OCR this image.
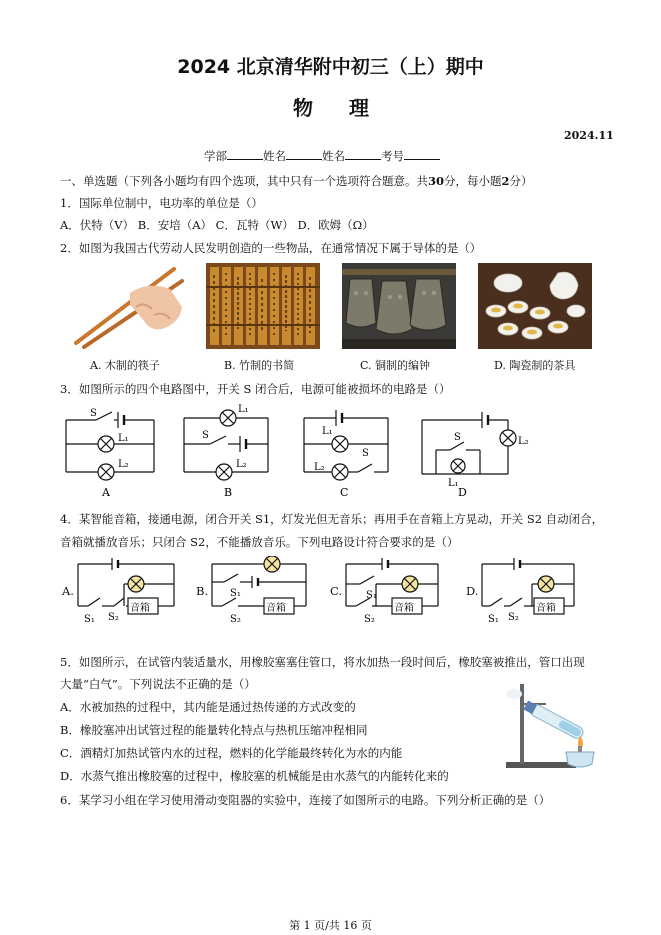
2024 北京清华附中初三（上）期中
物 理
2024.11
学部	姓名	姓名	考号
一、单选题（下列各小题均有四个选项，其中只有一个选项符合题意。共30分，每小题2分）
1．国际单位制中，电功率的单位是（）
A．伏特（V） B．安培（A） C．瓦特（W） D．欧姆（Ω）
2．如图为我国古代劳动人民发明创造的一些物品，在通常情况下属于导体的是（）
A. 木制的筷子	B. 竹制的书简	C. 铜制的编钟	D. 陶瓷制的茶具
3．如图所示的四个电路图中，开关 S 闭合后，电源可能被损坏的电路是（）
S
L₁
L₂
A
S
L₁
L₂
B
L₁
S
L₂
C
S	L₂
L₁
D
4．某智能音箱，接通电源，闭合开关 S1，灯发光但无音乐；再用手在音箱上方晃动，开关 S2 自动闭合，
音箱就播放音乐；只闭合 S2，不能播放音乐。下列电路设计符合要求的是（）
A.
音箱
S₁ S₂
B.
音箱
S₁
S₂
C.
音箱
S₁
S₂
D.
音箱
S₁ S₂
5．如图所示，在试管内装适量水，用橡胶塞塞住管口，将水加热一段时间后，橡胶塞被推出，管口出现
大量“白气”。下列说法不正确的是（）
A．水被加热的过程中，其内能是通过热传递的方式改变的
B．橡胶塞冲出试管过程的能量转化特点与热机压缩冲程相同
C．酒精灯加热试管内水的过程，燃料的化学能最终转化为水的内能
D．水蒸气推出橡胶塞的过程中，橡胶塞的机械能是由水蒸气的内能转化来的
6．某学习小组在学习使用滑动变阻器的实验中，连接了如图所示的电路。下列分析正确的是（）
第 1 页/共 16 页
